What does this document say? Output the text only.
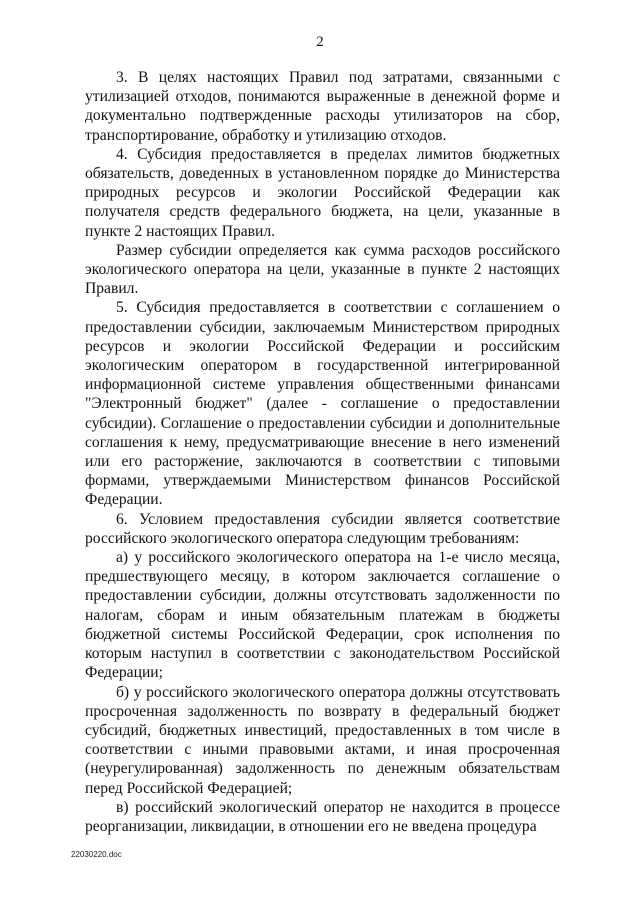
2

3. В целях настоящих Правил под затратами, связанными с утилизацией отходов, понимаются выраженные в денежной форме и документально подтвержденные расходы утилизаторов на сбор, транспортирование, обработку и утилизацию отходов.

4. Субсидия предоставляется в пределах лимитов бюджетных обязательств, доведенных в установленном порядке до Министерства природных ресурсов и экологии Российской Федерации как получателя средств федерального бюджета, на цели, указанные в пункте 2 настоящих Правил.

Размер субсидии определяется как сумма расходов российского экологического оператора на цели, указанные в пункте 2 настоящих Правил.

5. Субсидия предоставляется в соответствии с соглашением о предоставлении субсидии, заключаемым Министерством природных ресурсов и экологии Российской Федерации и российским экологическим оператором в государственной интегрированной информационной системе управления общественными финансами "Электронный бюджет" (далее - соглашение о предоставлении субсидии). Соглашение о предоставлении субсидии и дополнительные соглашения к нему, предусматривающие внесение в него изменений или его расторжение, заключаются в соответствии с типовыми формами, утверждаемыми Министерством финансов Российской Федерации.

6. Условием предоставления субсидии является соответствие российского экологического оператора следующим требованиям:

а) у российского экологического оператора на 1-е число месяца, предшествующего месяцу, в котором заключается соглашение о предоставлении субсидии, должны отсутствовать задолженности по налогам, сборам и иным обязательным платежам в бюджеты бюджетной системы Российской Федерации, срок исполнения по которым наступил в соответствии с законодательством Российской Федерации;

б) у российского экологического оператора должны отсутствовать просроченная задолженность по возврату в федеральный бюджет субсидий, бюджетных инвестиций, предоставленных в том числе в соответствии с иными правовыми актами, и иная просроченная (неурегулированная) задолженность по денежным обязательствам перед Российской Федерацией;

в) российский экологический оператор не находится в процессе реорганизации, ликвидации, в отношении его не введена процедура

22030220.doc
